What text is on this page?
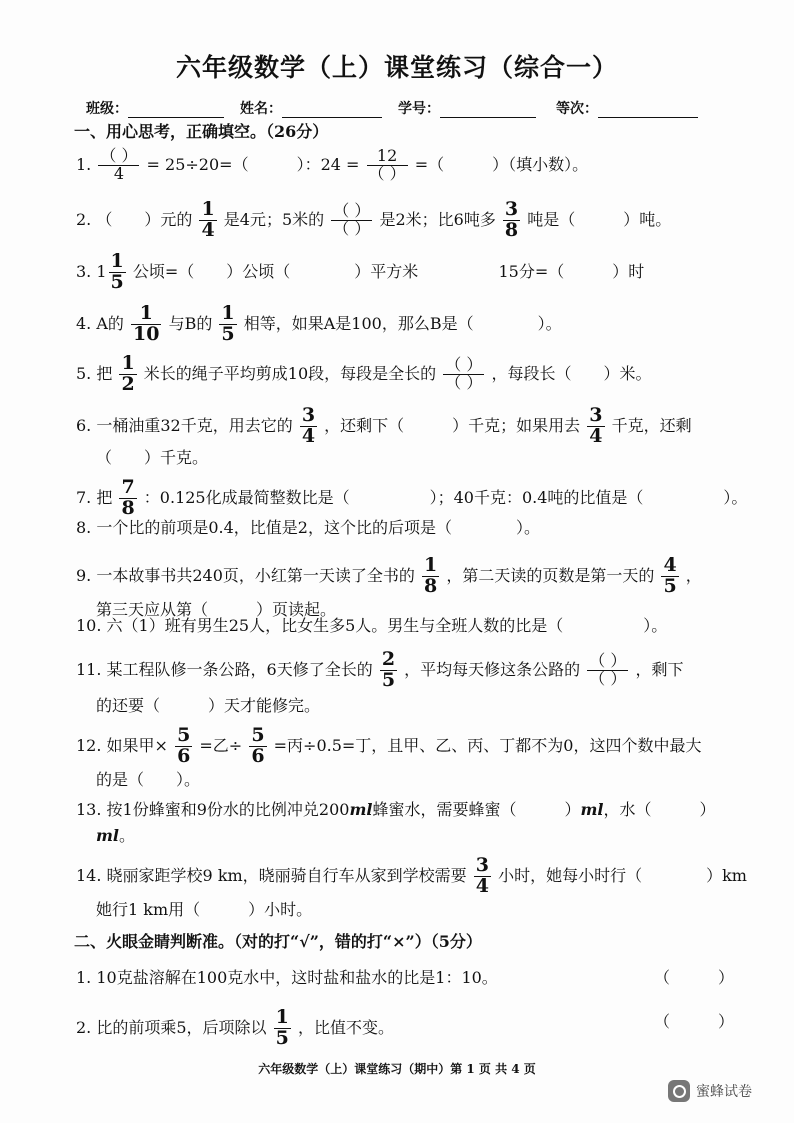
六年级数学（上）课堂练习（综合一）
班级：	姓名：	学号：	等次：
一、用心思考，正确填空。（26分）
1. $\frac{( )}{4} = 25\div 20=$（　　　）：$24 = \frac{12}{( )}$ =（　　　）（填小数）。
2. （　　）元的 $\frac{1}{4}$ 是4元；5米的 $\frac{( )}{( )}$ 是2米；比6吨多 $\frac{3}{8}$ 吨是（　　　）吨。
3. $1 \frac{1}{5}$ 公顷=（　　）公顷（　　　　）平方米	15分=（　　　）时
4. A的 $\frac{1}{10}$ 与B的 $\frac{1}{5}$ 相等，如果A是100，那么B是（　　　　）。
5. 把 $\frac{1}{2}$ 米长的绳子平均剪成10段，每段是全长的 $\frac{( )}{( )}$ ，每段长（　　）米。
6. 一桶油重32千克，用去它的 $\frac{3}{4}$ ，还剩下（　　　）千克；如果用去 $\frac{3}{4}$ 千克，还剩
（　　）千克。
7. 把 $\frac{7}{8}$ ：0.125化成最简整数比是（　　　　　）；40千克：0.4吨的比值是（　　　　　）。
8. 一个比的前项是0.4，比值是2，这个比的后项是（　　　　）。
9. 一本故事书共240页，小红第一天读了全书的 $\frac{1}{8}$ ，第二天读的页数是第一天的 $\frac{4}{5}$ ，
第三天应从第（　　　）页读起。
10. 六（1）班有男生25人，比女生多5人。男生与全班人数的比是（　　　　　）。
11. 某工程队修一条公路，6天修了全长的 $\frac{2}{5}$ ，平均每天修这条公路的 $\frac{( )}{( )}$ ，剩下
的还要（　　　）天才能修完。
12. 如果甲× $\frac{5}{6}$ =乙÷ $\frac{5}{6}$ =丙÷0.5=丁，且甲、乙、丙、丁都不为0，这四个数中最大
的是（　　）。
13. 按1份蜂蜜和9份水的比例冲兑200ml蜂蜜水，需要蜂蜜（　　　）ml，水（　　　）
ml。
14. 晓丽家距学校9 km，晓丽骑自行车从家到学校需要 $\frac{3}{4}$ 小时，她每小时行（　　　　）km
她行1 km用（　　　）小时。
二、火眼金睛判断准。（对的打“√”，错的打“×”）（5分）
1. 10克盐溶解在100克水中，这时盐和盐水的比是1：10。	（　　　）
2. 比的前项乘5，后项除以 $\frac{1}{5}$ ，比值不变。	（　　　）
六年级数学（上）课堂练习（期中）第 1 页 共 4 页
蜜蜂试卷
